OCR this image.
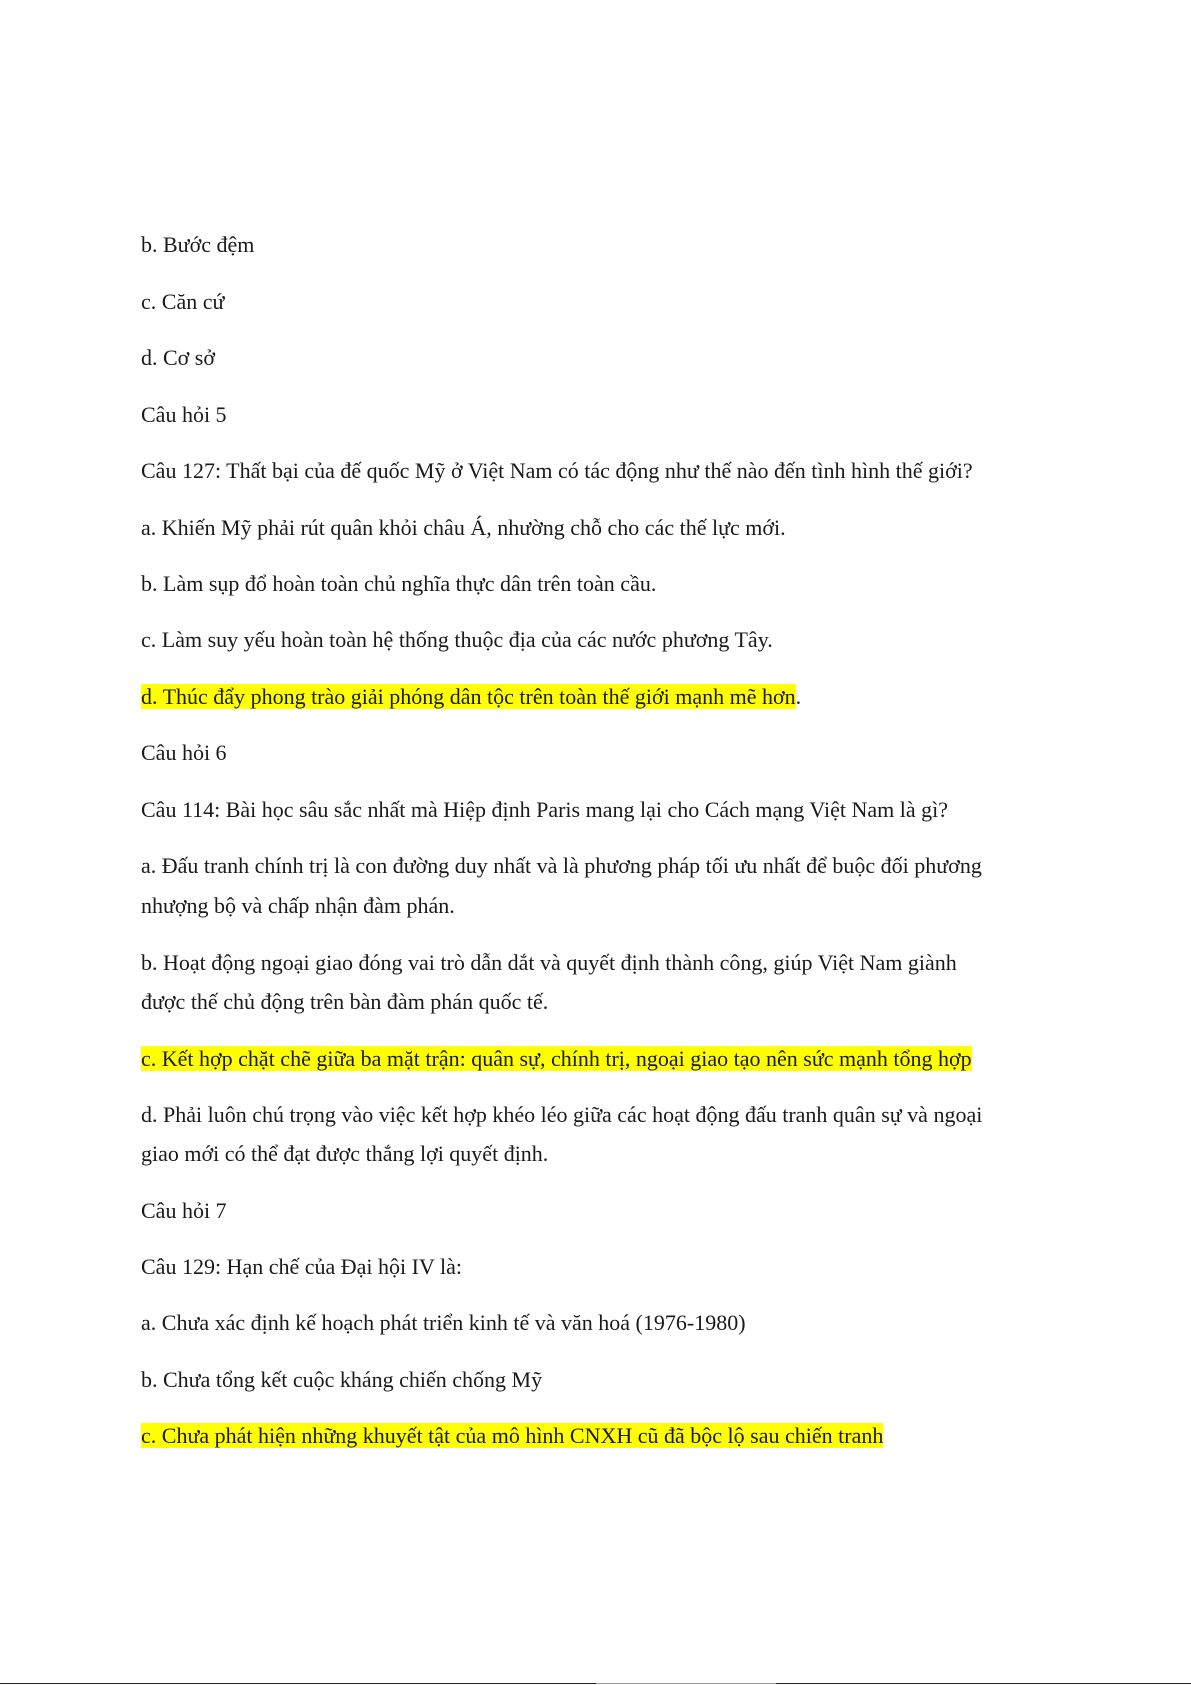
b. Bước đệm
c. Căn cứ
d. Cơ sở
Câu hỏi 5
Câu 127: Thất bại của đế quốc Mỹ ở Việt Nam có tác động như thế nào đến tình hình thế giới?
a. Khiến Mỹ phải rút quân khỏi châu Á, nhường chỗ cho các thế lực mới.
b. Làm sụp đổ hoàn toàn chủ nghĩa thực dân trên toàn cầu.
c. Làm suy yếu hoàn toàn hệ thống thuộc địa của các nước phương Tây.
d. Thúc đẩy phong trào giải phóng dân tộc trên toàn thế giới mạnh mẽ hơn.
Câu hỏi 6
Câu 114: Bài học sâu sắc nhất mà Hiệp định Paris mang lại cho Cách mạng Việt Nam là gì?
a. Đấu tranh chính trị là con đường duy nhất và là phương pháp tối ưu nhất để buộc đối phương
nhượng bộ và chấp nhận đàm phán.
b. Hoạt động ngoại giao đóng vai trò dẫn dắt và quyết định thành công, giúp Việt Nam giành
được thế chủ động trên bàn đàm phán quốc tế.
c. Kết hợp chặt chẽ giữa ba mặt trận: quân sự, chính trị, ngoại giao tạo nên sức mạnh tổng hợp
d. Phải luôn chú trọng vào việc kết hợp khéo léo giữa các hoạt động đấu tranh quân sự và ngoại
giao mới có thể đạt được thắng lợi quyết định.
Câu hỏi 7
Câu 129: Hạn chế của Đại hội IV là:
a. Chưa xác định kế hoạch phát triển kinh tế và văn hoá (1976-1980)
b. Chưa tổng kết cuộc kháng chiến chống Mỹ
c. Chưa phát hiện những khuyết tật của mô hình CNXH cũ đã bộc lộ sau chiến tranh
